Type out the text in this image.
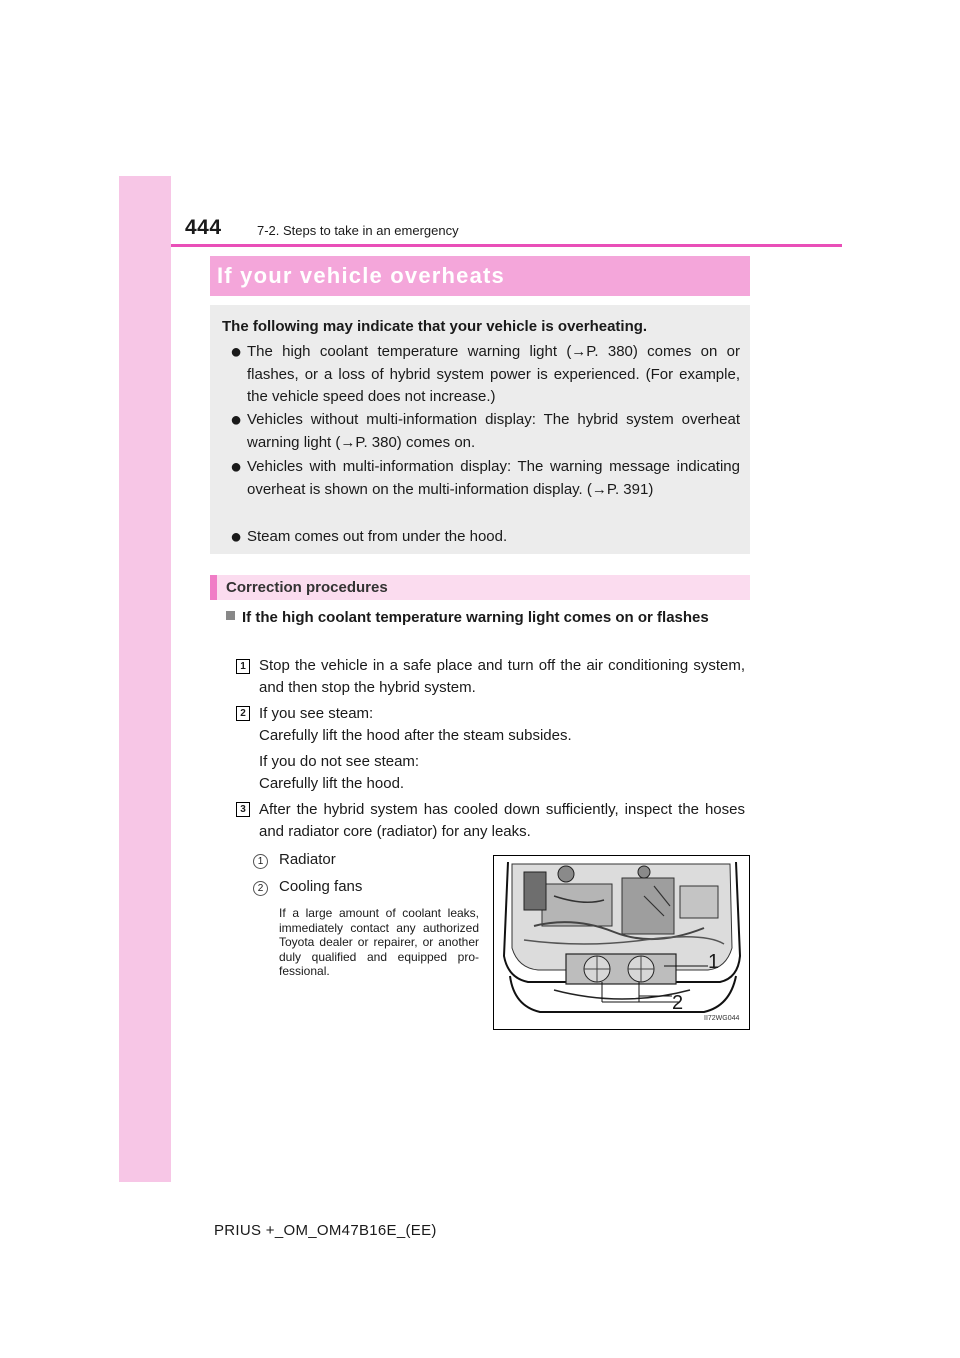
444	7-2. Steps to take in an emergency
If your vehicle overheats
The following may indicate that your vehicle is overheating.
● The high coolant temperature warning light (→P. 380) comes on or flashes, or a loss of hybrid system power is experienced. (For example, the vehicle speed does not increase.)
● Vehicles without multi-information display: The hybrid system overheat warning light (→P. 380) comes on.
● Vehicles with multi-information display: The warning message indicating overheat is shown on the multi-information display. (→P. 391)
● Steam comes out from under the hood.
Correction procedures
If the high coolant temperature warning light comes on or flashes
1 Stop the vehicle in a safe place and turn off the air conditioning system, and then stop the hybrid system.
2 If you see steam:
Carefully lift the hood after the steam subsides.
If you do not see steam:
Carefully lift the hood.
3 After the hybrid system has cooled down sufficiently, inspect the hoses and radiator core (radiator) for any leaks.
1	Radiator
2	Cooling fans
If a large amount of coolant leaks, immediately contact any authorized Toyota dealer or repairer, or another duly qualified and equipped pro-fessional.	1
2
II72WG044
PRIUS +_OM_OM47B16E_(EE)
